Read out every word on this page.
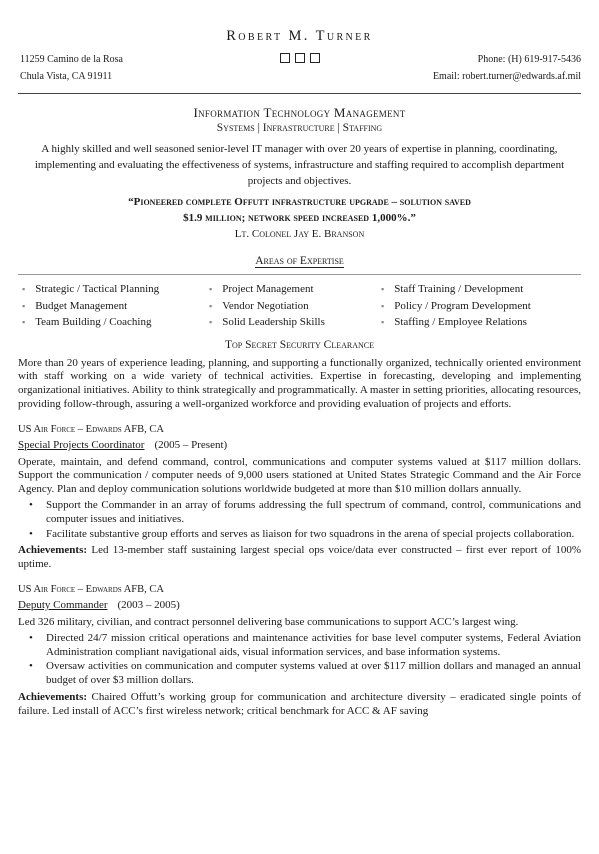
Robert M. Turner
11259 Camino de la Rosa
Chula Vista, CA 91911
Phone: (H) 619-917-5436
Email: robert.turner@edwards.af.mil
Information Technology Management
Systems | Infrastructure | Staffing
A highly skilled and well seasoned senior-level IT manager with over 20 years of expertise in planning, coordinating, implementing and evaluating the effectiveness of systems, infrastructure and staffing required to accomplish department projects and objectives.
“Pioneered complete Offutt infrastructure upgrade – solution saved
$1.9 million; network speed increased 1,000%.”
Lt. Colonel Jay E. Branson
Areas of Expertise
▪ Strategic / Tactical Planning
▪ Budget Management
▪ Team Building / Coaching
▪ Project Management
▪ Vendor Negotiation
▪ Solid Leadership Skills
▪ Staff Training / Development
▪ Policy / Program Development
▪ Staffing / Employee Relations
Top Secret Security Clearance
More than 20 years of experience leading, planning, and supporting a functionally organized, technically oriented environment with staff working on a wide variety of technical activities. Expertise in forecasting, developing and implementing organizational initiatives. Ability to think strategically and programmatically. A master in setting priorities, allocating resources, providing follow-through, assuring a well-organized workforce and providing evaluation of projects and efforts.
US Air Force – Edwards AFB, CA
Special Projects Coordinator (2005 – Present)
Operate, maintain, and defend command, control, communications and computer systems valued at $117 million dollars. Support the communication / computer needs of 9,000 users stationed at United States Strategic Command and the Air Force Agency. Plan and deploy communication solutions worldwide budgeted at more than $10 million dollars annually.
• Support the Commander in an array of forums addressing the full spectrum of command, control, communications and computer issues and initiatives.
• Facilitate substantive group efforts and serves as liaison for two squadrons in the arena of special projects collaboration.
Achievements: Led 13-member staff sustaining largest special ops voice/data ever constructed – first ever report of 100% uptime.
US Air Force – Edwards AFB, CA
Deputy Commander (2003 – 2005)
Led 326 military, civilian, and contract personnel delivering base communications to support ACC’s largest wing.
• Directed 24/7 mission critical operations and maintenance activities for base level computer systems, Federal Aviation Administration compliant navigational aids, visual information services, and base information systems.
• Oversaw activities on communication and computer systems valued at over $117 million dollars and managed an annual budget of over $3 million dollars.
Achievements: Chaired Offutt’s working group for communication and architecture diversity – eradicated single points of failure. Led install of ACC’s first wireless network; critical benchmark for ACC & AF saving
